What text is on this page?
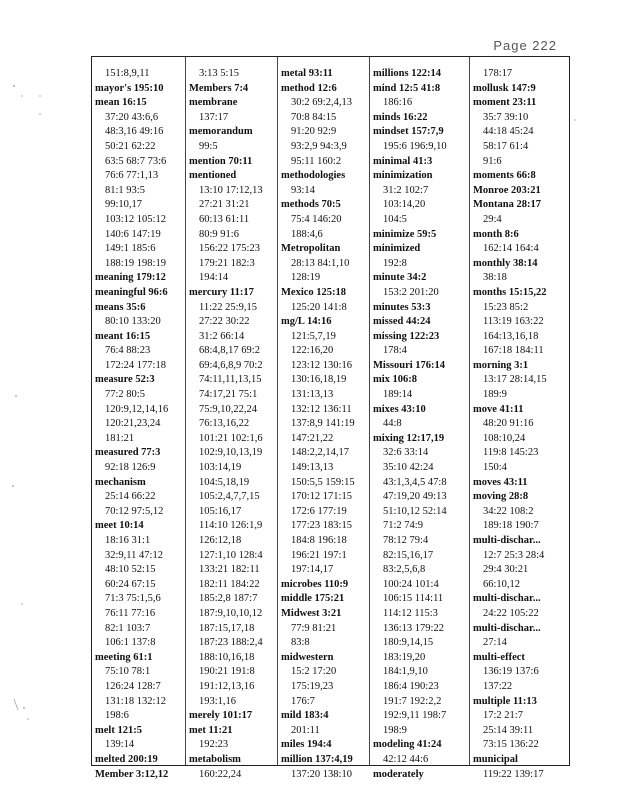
Page 222
151:8,9,11
mayor's 195:10
mean 16:15
37:20 43:6,6
48:3,16 49:16
50:21 62:22
63:5 68:7 73:6
76:6 77:1,13
81:1 93:5
99:10,17
103:12 105:12
140:6 147:19
149:1 185:6
188:19 198:19
meaning 179:12
meaningful 96:6
means 35:6
80:10 133:20
meant 16:15
76:4 88:23
172:24 177:18
measure 52:3
77:2 80:5
120:9,12,14,16
120:21,23,24
181:21
measured 77:3
92:18 126:9
mechanism
25:14 66:22
70:12 97:5,12
meet 10:14
18:16 31:1
32:9,11 47:12
48:10 52:15
60:24 67:15
71:3 75:1,5,6
76:11 77:16
82:1 103:7
106:1 137:8
meeting 61:1
75:10 78:1
126:24 128:7
131:18 132:12
198:6
melt 121:5
139:14
melted 200:19
Member 3:12,12
3:13 5:15
Members 7:4
membrane
137:17
memorandum
99:5
mention 70:11
mentioned
13:10 17:12,13
27:21 31:21
60:13 61:11
80:9 91:6
156:22 175:23
179:21 182:3
194:14
mercury 11:17
11:22 25:9,15
27:22 30:22
31:2 66:14
68:4,8,17 69:2
69:4,6,8,9 70:2
74:11,11,13,15
74:17,21 75:1
75:9,10,22,24
76:13,16,22
101:21 102:1,6
102:9,10,13,19
103:14,19
104:5,18,19
105:2,4,7,7,15
105:16,17
114:10 126:1,9
126:12,18
127:1,10 128:4
133:21 182:11
182:11 184:22
185:2,8 187:7
187:9,10,10,12
187:15,17,18
187:23 188:2,4
188:10,16,18
190:21 191:8
191:12,13,16
193:1,16
merely 101:17
met 11:21
192:23
metabolism
160:22,24
metal 93:11
method 12:6
30:2 69:2,4,13
70:8 84:15
91:20 92:9
93:2,9 94:3,9
95:11 160:2
methodologies
93:14
methods 70:5
75:4 146:20
188:4,6
Metropolitan
28:13 84:1,10
128:19
Mexico 125:18
125:20 141:8
mg/L 14:16
121:5,7,19
122:16,20
123:12 130:16
130:16,18,19
131:13,13
132:12 136:11
137:8,9 141:19
147:21,22
148:2,2,14,17
149:13,13
150:5,5 159:15
170:12 171:15
172:6 177:19
177:23 183:15
184:8 196:18
196:21 197:1
197:14,17
microbes 110:9
middle 175:21
Midwest 3:21
77:9 81:21
83:8
midwestern
15:2 17:20
175:19,23
176:7
mild 183:4
201:11
miles 194:4
million 137:4,19
137:20 138:10
millions 122:14
mind 12:5 41:8
186:16
minds 16:22
mindset 157:7,9
195:6 196:9,10
minimal 41:3
minimization
31:2 102:7
103:14,20
104:5
minimize 59:5
minimized
192:8
minute 34:2
153:2 201:20
minutes 53:3
missed 44:24
missing 122:23
178:4
Missouri 176:14
mix 106:8
189:14
mixes 43:10
44:8
mixing 12:17,19
32:6 33:14
35:10 42:24
43:1,3,4,5 47:8
47:19,20 49:13
51:10,12 52:14
71:2 74:9
78:12 79:4
82:15,16,17
83:2,5,6,8
100:24 101:4
106:15 114:11
114:12 115:3
136:13 179:22
180:9,14,15
183:19,20
184:1,9,10
186:4 190:23
191:7 192:2,2
192:9,11 198:7
198:9
modeling 41:24
42:12 44:6
moderately
178:17
mollusk 147:9
moment 23:11
35:7 39:10
44:18 45:24
58:17 61:4
91:6
moments 66:8
Monroe 203:21
Montana 28:17
29:4
month 8:6
162:14 164:4
monthly 38:14
38:18
months 15:15,22
15:23 85:2
113:19 163:22
164:13,16,18
167:18 184:11
morning 3:1
13:17 28:14,15
189:9
move 41:11
48:20 91:16
108:10,24
119:8 145:23
150:4
moves 43:11
moving 28:8
34:22 108:2
189:18 190:7
multi-dischar...
12:7 25:3 28:4
29:4 30:21
66:10,12
multi-dischar...
24:22 105:22
multi-dischar...
27:14
multi-effect
136:19 137:6
137:22
multiple 11:13
17:2 21:7
25:14 39:11
73:15 136:22
municipal
119:22 139:17
